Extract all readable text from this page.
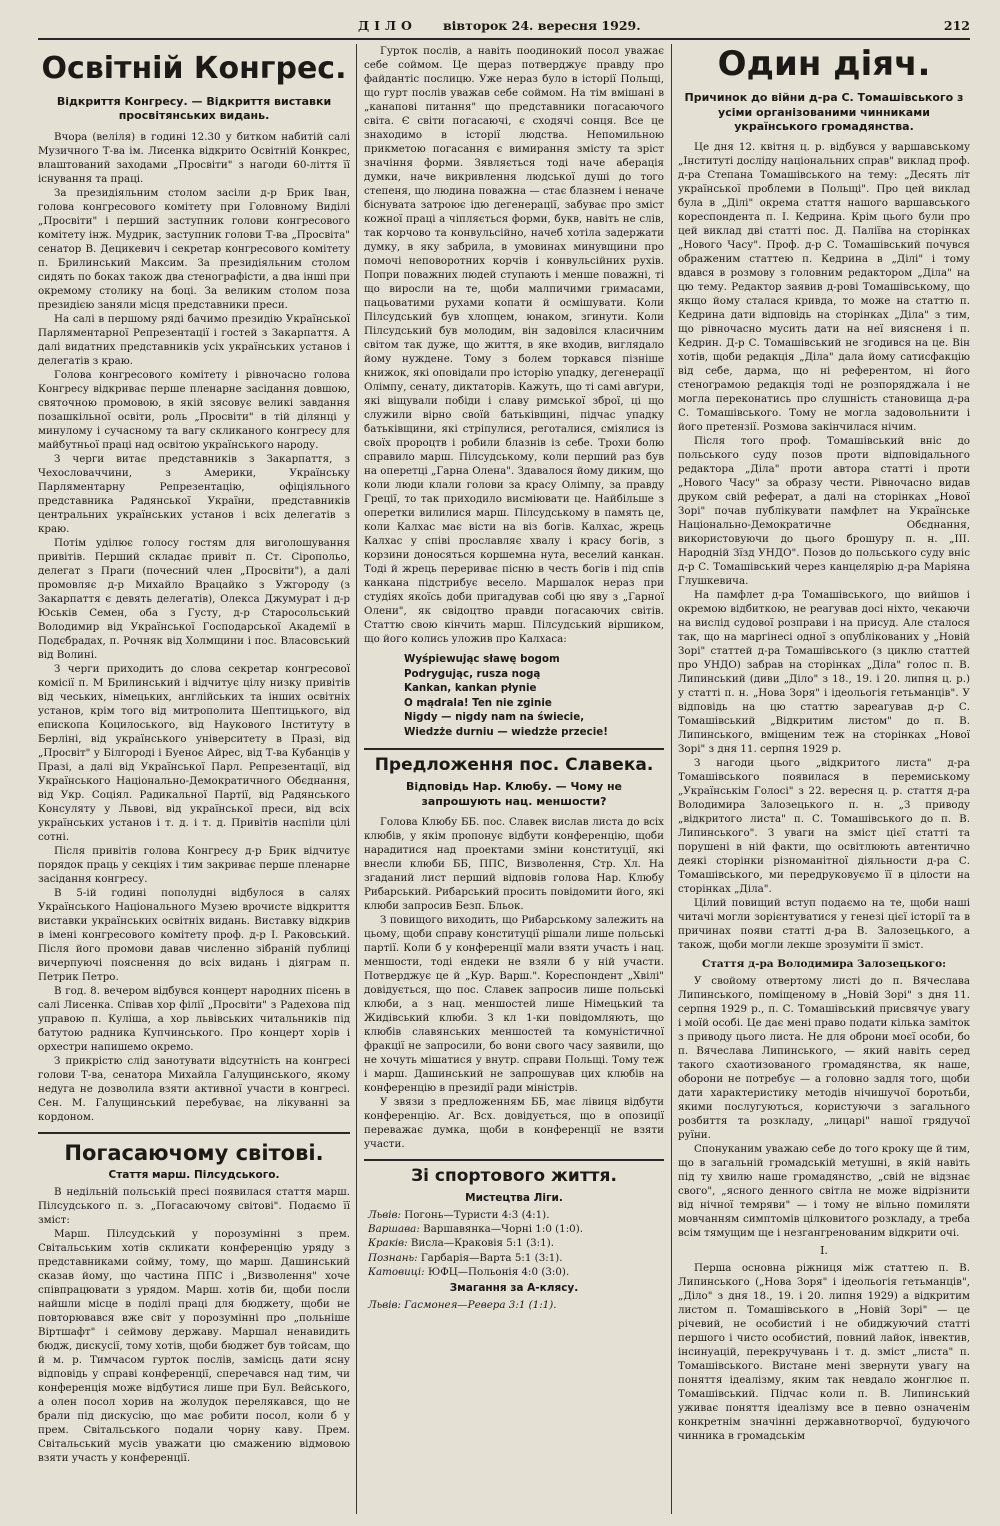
ДІЛО вівторок 24. вересня 1929.	212
Освітній Конгрес.
Відкриття Конгресу. — Відкриття виставки просвітянських видань.

Вчора (веліля) в годині 12.30 у битком набитій салі Музичного Т-ва ім. Лисенка відкрито Освітній Конкрес, влаштований заходами „Просвіти" з нагоди 60-ліття її існування та праці.

За президіяльним столом засіли д-р Брик Іван, голова конгресового комітету при Головному Виділі „Просвіти" і перший заступник голови конгресового комітету інж. Мудрик, заступник голови Т-ва „Просвіта" сенатор В. Децикевич і секретар конгресового комітету п. Брилинський Максим. За президіяльним столом сидять по боках також два стенографісти, а два інші при окремому столику на боці. За великим столом поза президією заняли місця представники преси.

На салі в першому ряді бачимо президію Української Парляментарної Репрезентації і гостей з Закарпаття. А далі видатних представників усіх українських установ і делегатів з краю.

Голова конгресового комітету і рівночасно голова Конгресу відкриває перше пленарне засідання довшою, святочною промовою, в якій зясовує великі завдання позашкільної освіти, роль „Просвіти" в тій ділянці у минулому і сучасному та вагу скликаного конгресу для майбутньої праці над освітою українського народу.

З черги витає представників з Закарпаття, з Чехословаччини, з Америки, Українську Парляментарну Репрезентацію, офіціяльного представника Радянської України, представників центральних українських установ і всіх делегатів з краю.

Потім уділює голосу гостям для виголошування привітів. Перший складає привіт п. Ст. Сіропольо, делегат з Праги (почесний член „Просвіти"), а далі промовляє д-р Михайло Врацайко з Ужгороду (з Закарпаття є девять делегатів), Олекса Джумурат і д-р Юськів Семен, оба з Густу, д-р Старосольський Володимир від Української Господарської Академії в Подєбрадах, п. Рочняк від Холмщини і пос. Власовський від Волині.

З черги приходить до слова секретар конгресової комісії п. М Брилинський і відчитує цілу низку привітів від чеських, німецьких, англійських та інших освітніх установ, крім того від митрополита Шептицького, від епископа Коцилоського, від Наукового Інституту в Берліні, від українського університету в Празі, від „Просвіт" у Білгороді і Буеноє Айрес, від Т-ва Кубанців у Празі, а далі від Української Парл. Репрезентації, від Українського Національно-Демократичного Обєднання, від Укр. Соціял. Радикальної Партії, від Радянського Консуляту у Львові, від української преси, від всіх українських установ і т. д. і т. д. Привітів наспіли цілі сотні.

Після привітів голова Конгресу д-р Брик відчитує порядок праць у секціях і тим закриває перше пленарне засідання конгресу.

В 5-ій годині пополудні відбулося в салях Українського Національного Музею врочисте відкриття виставки українських освітніх видань. Виставку відкрив в імені конгресового комітету проф. д-р І. Раковський. Після його промови давав численно зібраній публиці вичерпуючі пояснення до всіх видань і діяграм п. Петрик Петро.

В год. 8. вечером відбувся концерт народних пісень в салі Лисенка. Співав хор філії „Просвіти" з Радехова під управою п. Куліша, а хор львівських читальників під батутою радника Купчинського. Про концерт хорів і орхестри напишемо окремо.

З прикрістю слід занотувати відсутність на конгресі голови Т-ва, сенатора Михайла Галущинського, якому недуга не дозволила взяти активної участи в конгресі. Сен. М. Галущинський перебуває, на лікуванні за кордоном.

Погасаючому світові.
Стаття марш. Пілсудського.

В недільній польській пресі появилася стаття марш. Пілсудського п. з. „Погасаючому світові". Подаємо її зміст:

Марш. Пілсудський у порозумінні з прем. Світальським хотів скликати конференцію уряду з представниками сойму, тому, що марш. Дашинський сказав йому, що частина ППС і „Визволення" хоче співпрацювати з урядом. Марш. хотів би, щоби посли найшли місце в поділі праці для бюджету, щоби не повторювався вже світ у порозумінні про „польніше Віртшафт" і сеймову державу. Маршал ненавидить бюдж, дискусії, тому хотів, щоби бюджет був тойсам, що й м. р. Тимчасом гурток послів, замісць дати ясну відповідь у справі конференції, сперечався над тим, чи конференція може відбутися лише при Бул. Вейського, а олен посол хорив на жолудок перелякався, що не брали під дискусію, що має робити посол, коли б у прем. Світальського подали чорну каву. Прем. Світальський мусів уважати цю смажению відмовою взяти участь у конференції.

Гурток послів, а навіть поодинокий посол уважає себе соймом. Це щераз потверджує правду про файдантіс послицю. Уже нераз було в історії Польщі, що гурт послів уважав себе соймом. На тім вмішані в „канапові питання" що представники погасаючого світа. Є світи погасаючі, є сходячі сонця. Все це знаходимо в історії людства. Непомильною прикметою погасання є вимирання змісту та зріст значіння форми. Зявляється тоді наче аберація думки, наче викривлення людської душі до того степеня, що людина поважна — стає блазнем і неначе біснувата затроює ідю дегенерації, забуває про зміст кожної праці а чіпляється форми, букв, навіть не слів, так корчово та конвульсійно, начеб хотіла задержати думку, в яку забрила, в умовинах минувщини про помочі неповоротних корчів і конвульсійних рухів. Попри поважних людей ступають і менше поважні, ті що виросли на те, щоби малпичими гримасами, пацьоватими рухами копати й осмішувати. Коли Пілсудський був хлопцем, юнаком, згинути. Коли Пілсудський був молодим, він задовілся класичним світом так дуже, що життя, в яке входив, виглядало йому нуждене. Тому з болем торкався пізніше книжок, які оповідали про історію упадку, дегенерації Олімпу, сенату, диктаторів. Кажуть, що ті самі авґури, які віщували побіди і славу римської зброї, ці що служили вірно своїй батьківщині, підчас упадку батьківщини, які стріпулися, реготалися, сміялися із своїх пророцтв і робили блазнів із себе. Трохи болю справило марш. Пілсудському, коли перший раз був на оперетці „Гарна Олена". Здавалося йому диким, що коли люди клали голови за красу Олімпу, за правду Греції, то так приходило висміювати це. Найбільше з оперетки вилилися марш. Пілсудському в память це, коли Калхас має вісти на віз богів. Калхас, жрець Калхас у співі прославляє хвалу і красу богів, з корзини доносяться коршемна нута, веселий канкан. Тоді й жрець перериває пісню в честь богів і під спів канкана підстрибує весело. Маршалок нераз при студіях якоїсь доби пригадував собі цю яву з „Гарної Олени", як свідоцтво правди погасаючих світів. Статтю свою кінчить марш. Пілсудський віршиком, що його колись уложив про Калхаса:

Wyśpiewując sławę bogom
Podrygując, rusza nogą
Kankan, kankan płynie
O mądrala! Ten nie zginie
Nigdy — nigdy nam na świecie,
Wiedzże durniu — wiedzże przecie!
Предложення пос. Славека.
Відповідь Нар. Клюбу. — Чому не запрошують нац. меншости?

Голова Клюбу ББ. пос. Славек вислав листа до всіх клюбів, у якім пропонує відбути конференцію, щоби нарадитися над проектами зміни конституції, які внесли клюби ББ, ППС, Визволення, Стр. Хл. На згаданий лист перший відповів голова Нар. Клюбу Рибарський. Рибарський просить повідомити його, які клюби запросив Безп. Бльок.

З повищого виходить, що Рибарському залежить на цьому, щоби справу конституції рішали лише польські партії. Коли б у конференції мали взяти участь і нац. меншости, тоді ендеки не взяли б у ній участи. Потверджує це й „Кур. Варш.". Кореспондент „Хвілі" довідується, що пос. Славек запросив лише польські клюби, а з нац. меншостей лише Німецький та Жидівський клюби. З кл 1-ки повідомляють, що клюбів славянських меншостей та комуністичної фракції не запросили, бо вони свого часу заявили, що не хочуть мішатися у внутр. справи Польщі. Тому теж і марш. Дашинський не запрошував цих клюбів на конференцію в президії ради міністрів.

У звязи з предложенням ББ, має лівиця відбути конференцію. Аг. Всх. довідується, що в опозиції переважає думка, щоби в конференції не взяти участи.

Зі спортового життя.
Мистецтва Ліги.
Львів: Погонь—Туристи 4:3 (4:1).
Варшава: Варшавянка—Чорні 1:0 (1:0).
Краків: Висла—Краковія 5:1 (3:1).
Познань: Гарбарія—Варта 5:1 (3:1).
Катовиці: ЮФЦ—Польонія 4:0 (3:0).
Змагання за А-клясу.
Львів: Гасмонея—Ревера 3:1 (1:1).
Один діяч.
Причинок до війни д-ра С. Томашівського з усіми організованими чинниками українського громадянства.

Це дня 12. квітня ц. р. відбувся у варшавському „Інституті досліду національних справ" виклад проф. д-ра Степана Томашівського на тему: „Десять літ української проблеми в Польщі". Про цей виклад була в „Ділі" окрема стаття нашого варшавського кореспондента п. І. Кедрина. Крім цього були про цей виклад дві статті пос. Д. Паліїва на сторінках „Нового Часу". Проф. д-р С. Томашівський почувся ображеним статтею п. Кедрина в „Ділі" і тому вдався в розмову з головним редактором „Діла" на цю тему. Редактор заявив д-рові Томашівському, що якщо йому сталася кривда, то може на статтю п. Кедрина дати відповідь на сторінках „Діла" з тим, що рівночасно мусить дати на неї виясненя і п. Кедрин. Д-р С. Томашівський не згодився на це. Він хотів, щоби редакція „Діла" дала йому сатисфакцію від себе, дарма, що ні референтом, ні його стенограмою редакція тоді не розпоряджала і не могла переконатись про слушність становища д-ра С. Томашівського. Тому не могла задовольнити і його претензії. Розмова закінчилася нічим.

Після того проф. Томашівський вніс до польського суду позов проти відповідального редактора „Діла" проти автора статті і проти „Нового Часу" за образу чести. Рівночасно видав друком свій реферат, а далі на сторінках „Нової Зорі" почав публікувати памфлет на Українське Національно-Демократичне Обєднання, використовуючи до цього брошуру п. н. „ІІІ. Народній Зїзд УНДО". Позов до польського суду вніс д-р С. Томашівський через канцелярію д-ра Маріяна Глушкевича.

На памфлет д-ра Томашівського, що вийшов і окремою відбиткою, не реагував досі ніхто, чекаючи на вислід судової розправи і на присуд. Але сталося так, що на маргінесі одної з опублікованих у „Новій Зорі" статтей д-ра Томашівського (з циклю статтей про УНДО) забрав на сторінках „Діла" голос п. В. Липинський (диви „Діло" з 18., 19. і 20. липня ц. р.) у статті п. н. „Нова Зоря" і ідеольогія гетьманців". У відповідь на цю статтю зареагував д-р С. Томашівський „Відкритим листом" до п. В. Липинського, вміщеним теж на сторінках „Нової Зорі" з дня 11. серпня 1929 р.

З нагоди цього „відкритого листа" д-ра Томашівського появилася в перемиському „Українськім Голосі" з 22. вересня ц. р. стаття д-ра Володимира Залозецького п. н. „З приводу „відкритого листа" п. С. Томашівського до п. В. Липинського". З уваги на зміст цієї статті та порушені в ній факти, що освітлюють автентично деякі сторінки різноманітної діяльности д-ра С. Томашівського, ми передруковуємо її в цілости на сторінках „Діла".

Цілий повищий вступ подаємо на те, щоби наші читачі могли зорієнтуватися у генезі цієї історії та в причинах появи статті д-ра В. Залозецького, а також, щоби могли лекше зрозуміти її зміст.

Стаття д-ра Володимира Залозецького:

У свойому отвертому листі до п. Вячеслава Липинського, поміщеному в „Новій Зорі" з дня 11. серпня 1929 р., п. С. Томашівський присвячує увагу і моїй особі. Це дає мені право подати кілька заміток з приводу цього листа. Не для оброни моєї особи, бо п. Вячеслава Липинського, — який навіть серед такого схаотизованого громадянства, як наше, оборони не потребує — а головно задля того, щоби дати характеристику методів нічишучої боротьби, якими послугуються, користуючи з загального розбиття та розкладу, „лицарі" нашої грядучої руїни.

Спонуканим уважаю себе до того кроку ще й тим, що в загальній громадській метушні, в якій навіть під ту хвилю наше громадянство, „свій не відзнає свого", „ясного денного світла не може відрізнити від нічної темряви" — і тому не вільно помиляти мовчанням симптомів цілковитого розкладу, а треба всім тямущим ще і незгангренованим відкрити очі.

І.

Перша основна ріжниця між статтею п. В. Липинського („Нова Зоря" і ідеольогія гетьманців", „Діло" з дня 18., 19. і 20. липня 1929) а відкритим листом п. Томашівського в „Новій Зорі" — це річевий, не особистий і не обиджуючий статті першого і чисто особистий, повний лайок, інвектив, інсинуацій, перекручувань і т. д. зміст „листа" п. Томашівського. Вистане мені звернути увагу на поняття ідеалізму, яким так невдало жонглює п. Томашівський. Підчас коли п. В. Липинський уживає поняття ідеалізму все в певно означенім конкретнім значінні державнотворчої, будуючого чинника в громадськім
